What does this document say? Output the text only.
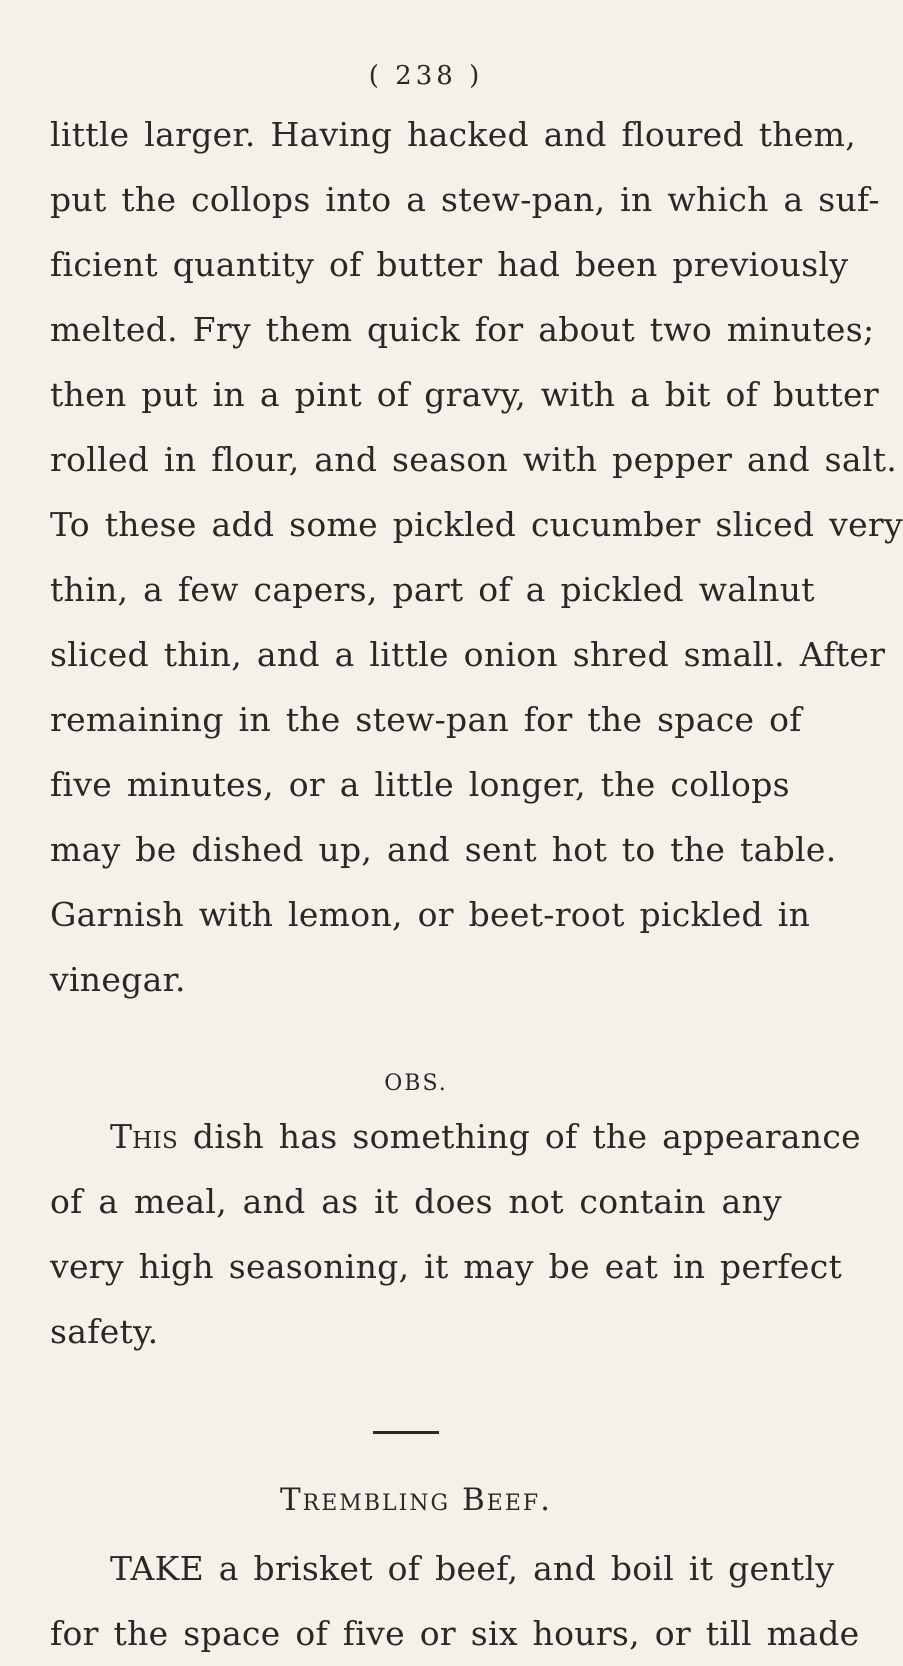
( 238 )
little larger. Having hacked and floured them,
put the collops into a stew-pan, in which a suf-
ficient quantity of butter had been previously
melted. Fry them quick for about two minutes;
then put in a pint of gravy, with a bit of butter
rolled in flour, and season with pepper and salt.
To these add some pickled cucumber sliced very
thin, a few capers, part of a pickled walnut
sliced thin, and a little onion shred small. After
remaining in the stew-pan for the space of
five minutes, or a little longer, the collops
may be dished up, and sent hot to the table.
Garnish with lemon, or beet-root pickled in
vinegar.
OBS.
This dish has something of the appearance
of a meal, and as it does not contain any
very high seasoning, it may be eat in perfect
safety.
Trembling Beef.
TAKE a brisket of beef, and boil it gently
for the space of five or six hours, or till made
